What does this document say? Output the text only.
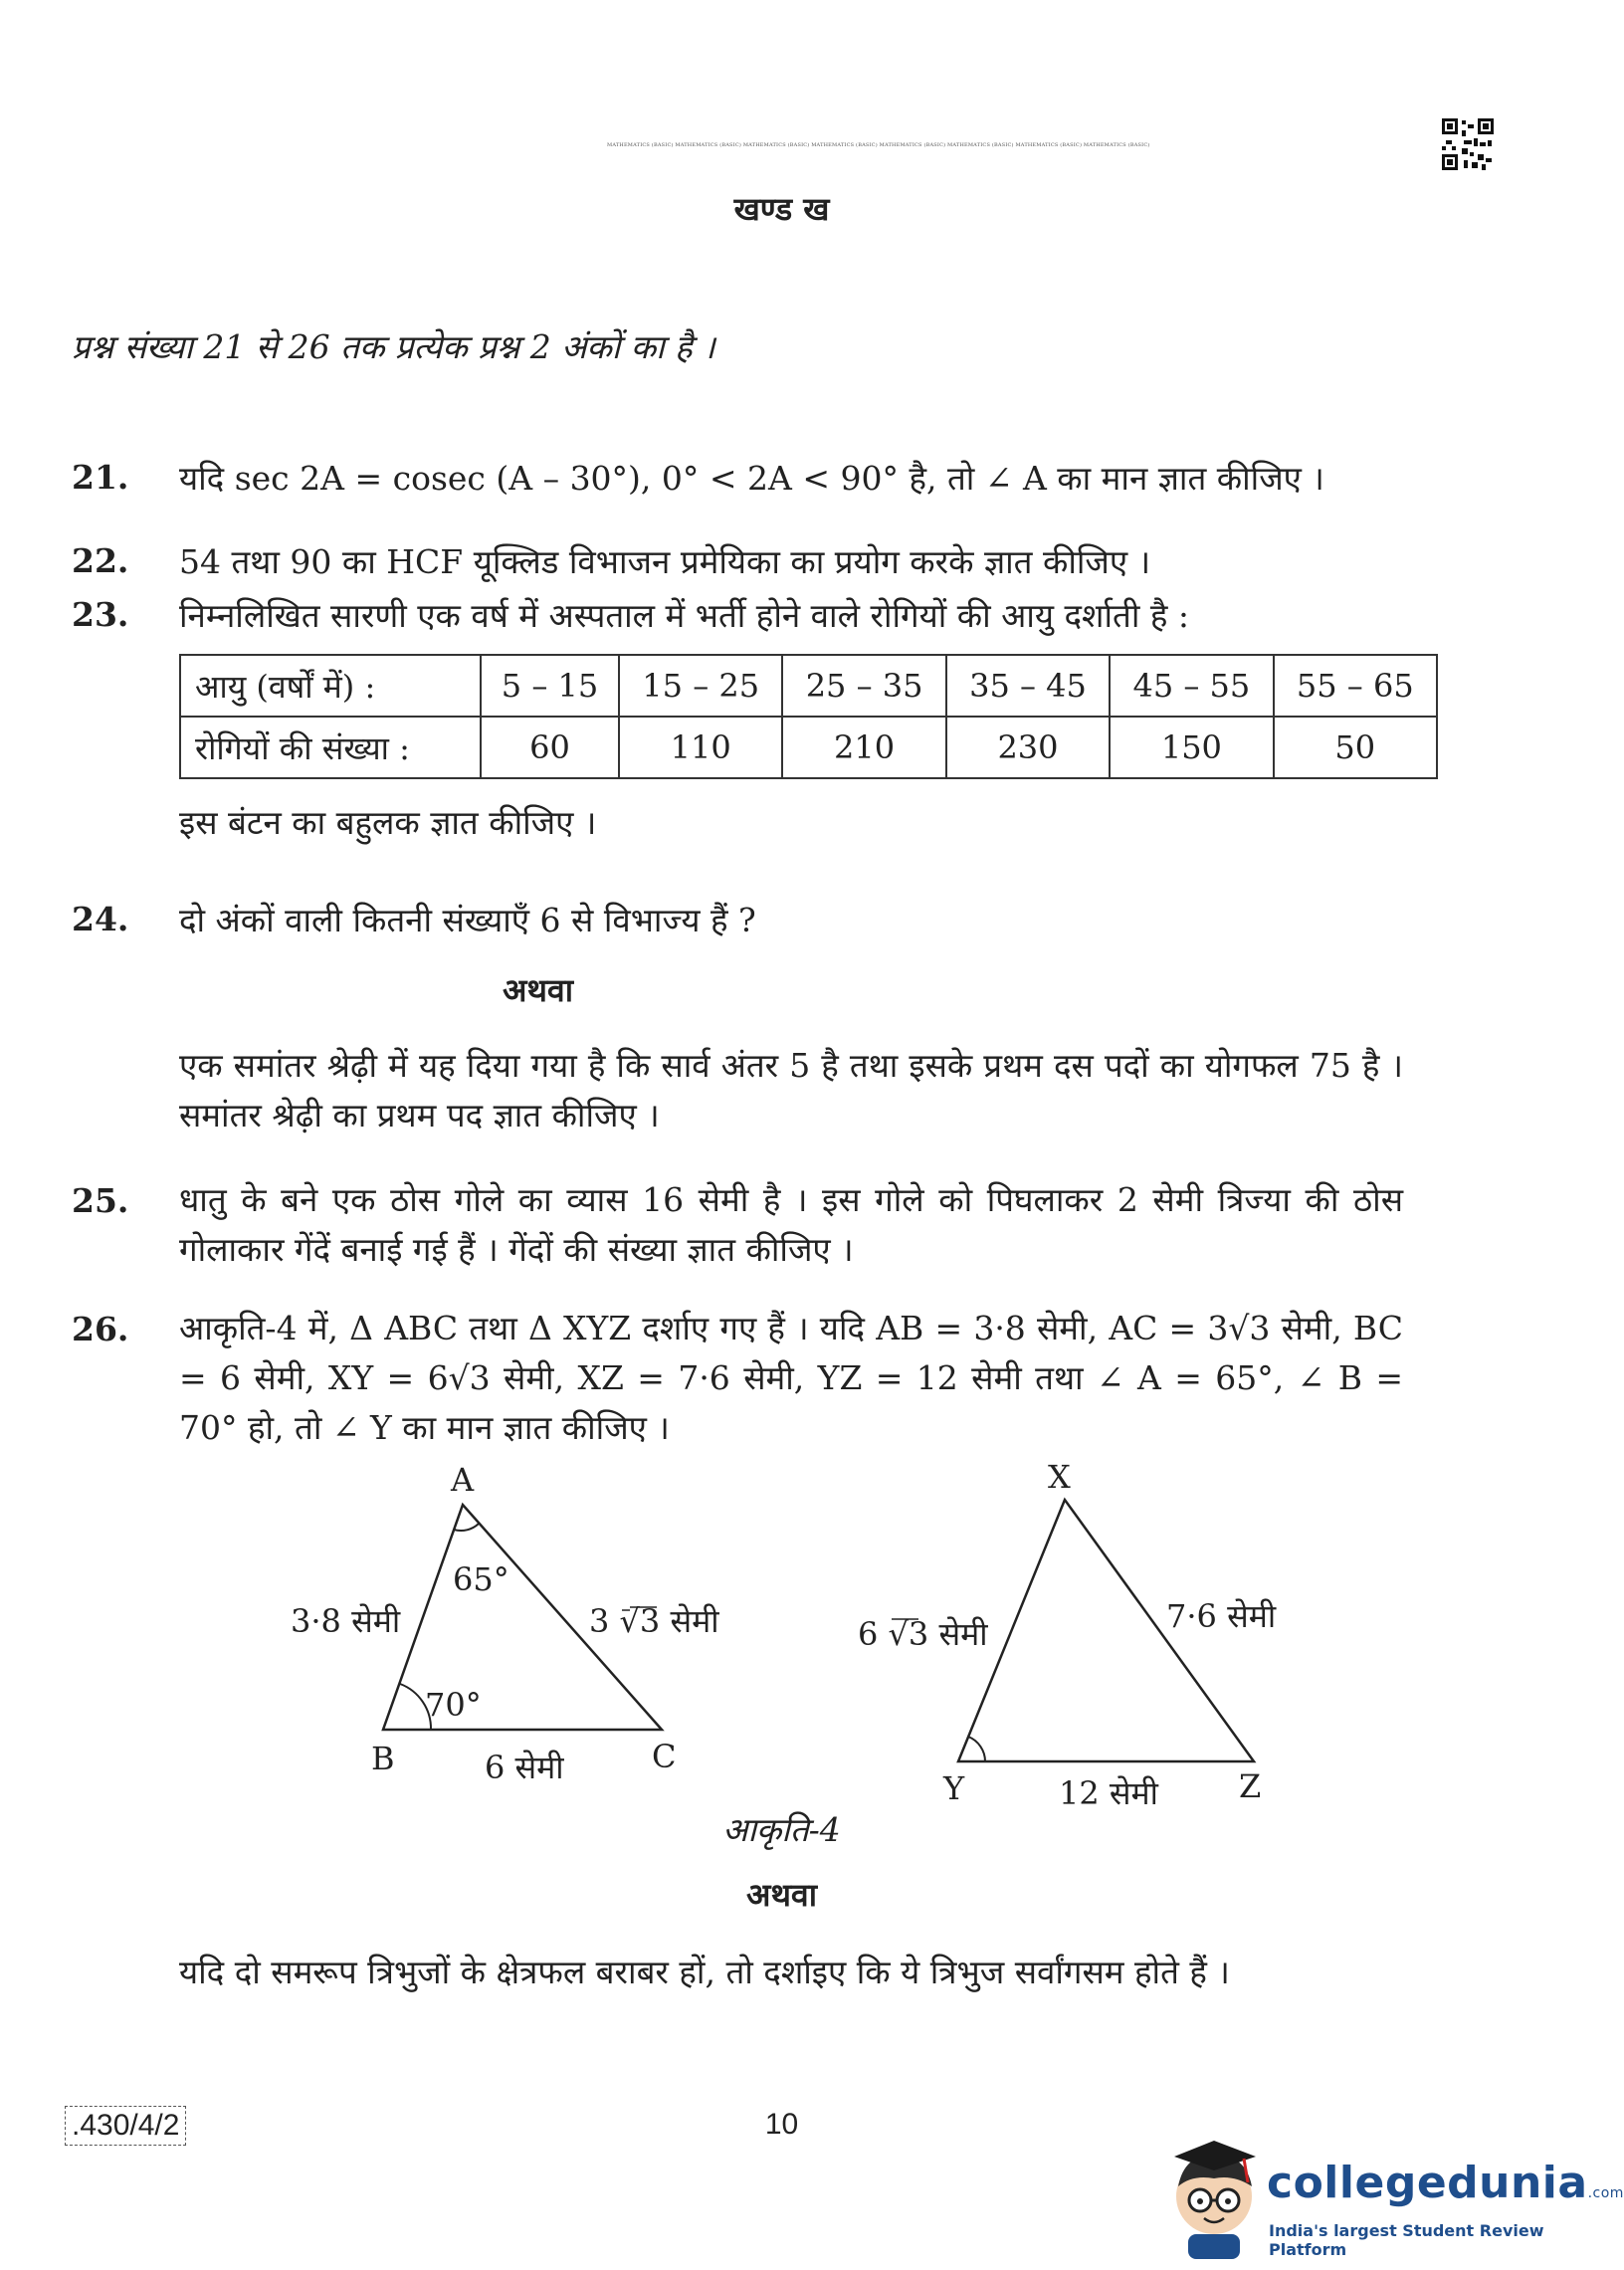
MATHEMATICS (BASIC) MATHEMATICS (BASIC) MATHEMATICS (BASIC) MATHEMATICS (BASIC) MATHEMATICS (BASIC) MATHEMATICS (BASIC) MATHEMATICS (BASIC) MATHEMATICS (BASIC)
खण्ड ख
प्रश्न संख्या 21 से 26 तक प्रत्येक प्रश्न 2 अंकों का है ।
21. यदि sec 2A = cosec (A – 30°), 0° < 2A < 90° है, तो ∠ A का मान ज्ञात कीजिए ।
22. 54 तथा 90 का HCF यूक्लिड विभाजन प्रमेयिका का प्रयोग करके ज्ञात कीजिए ।
23. निम्नलिखित सारणी एक वर्ष में अस्पताल में भर्ती होने वाले रोगियों की आयु दर्शाती है :
आयु (वर्षों में) :	5 – 15	15 – 25	25 – 35	35 – 45	45 – 55	55 – 65
रोगियों की संख्या :	60	110	210	230	150	50
इस बंटन का बहुलक ज्ञात कीजिए ।
24. दो अंकों वाली कितनी संख्याएँ 6 से विभाज्य हैं ?
अथवा
एक समांतर श्रेढ़ी में यह दिया गया है कि सार्व अंतर 5 है तथा इसके प्रथम दस पदों का योगफल 75 है । समांतर श्रेढ़ी का प्रथम पद ज्ञात कीजिए ।
25. धातु के बने एक ठोस गोले का व्यास 16 सेमी है । इस गोले को पिघलाकर 2 सेमी त्रिज्या की ठोस गोलाकार गेंदें बनाई गई हैं । गेंदों की संख्या ज्ञात कीजिए ।
26. आकृति-4 में, Δ ABC तथा Δ XYZ दर्शाए गए हैं । यदि AB = 3·8 सेमी, AC = 3√3 सेमी, BC = 6 सेमी, XY = 6√3 सेमी, XZ = 7·6 सेमी, YZ = 12 सेमी तथा ∠ A = 65°, ∠ B = 70° हो, तो ∠ Y का मान ज्ञात कीजिए ।
A
B	C
65°
70°
3·8 सेमी	3 √3 सेमी
6 सेमी
X
Y	Z
6 √3 सेमी	7·6 सेमी
12 सेमी
आकृति-4
अथवा
यदि दो समरूप त्रिभुजों के क्षेत्रफल बराबर हों, तो दर्शाइए कि ये त्रिभुज सर्वांगसम होते हैं ।
.430/4/2	10
collegedunia.com
India's largest Student Review Platform
